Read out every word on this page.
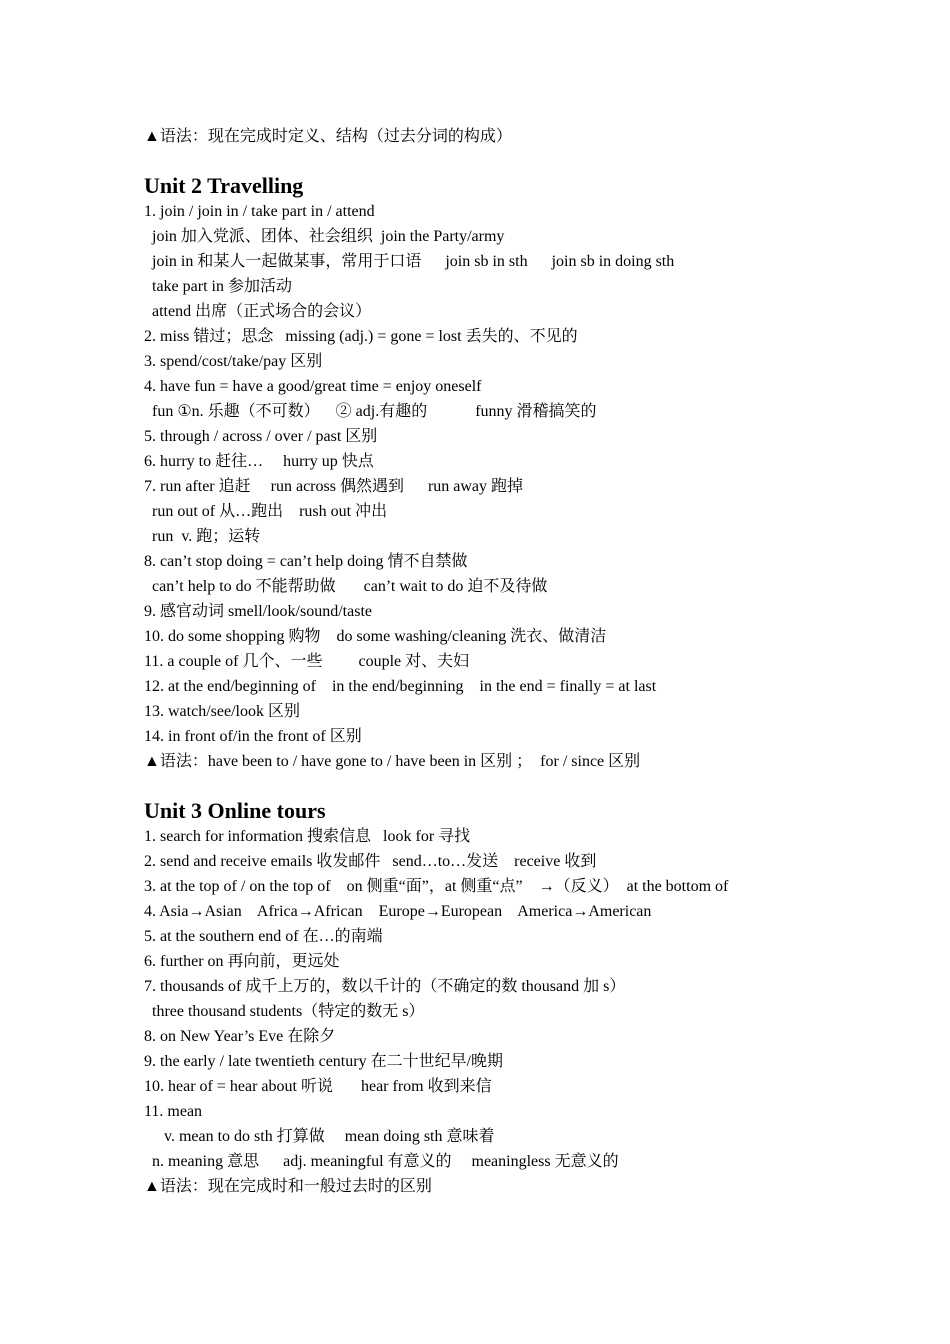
▲语法：现在完成时定义、结构（过去分词的构成）
Unit 2 Travelling
1. join / join in / take part in / attend
join 加入党派、团体、社会组织  join the Party/army
join in 和某人一起做某事，常用于口语      join sb in sth      join sb in doing sth
take part in 参加活动
attend 出席（正式场合的会议）
2. miss 错过；思念   missing (adj.) = gone = lost 丢失的、不见的
3. spend/cost/take/pay 区别
4. have fun = have a good/great time = enjoy oneself
fun ①n. 乐趣（不可数）    ② adj.有趣的            funny 滑稽搞笑的
5. through / across / over / past 区别
6. hurry to 赶往…     hurry up 快点
7. run after 追赶     run across 偶然遇到      run away 跑掉
run out of 从…跑出    rush out 冲出
run  v. 跑；运转
8. can’t stop doing = can’t help doing 情不自禁做
can’t help to do 不能帮助做       can’t wait to do 迫不及待做
9. 感官动词 smell/look/sound/taste
10. do some shopping 购物    do some washing/cleaning 洗衣、做清洁
11. a couple of 几个、一些         couple 对、夫妇
12. at the end/beginning of    in the end/beginning    in the end = finally = at last
13. watch/see/look 区别
14. in front of/in the front of 区别
▲语法：have been to / have gone to / have been in 区别 ；  for / since 区别
Unit 3 Online tours
1. search for information 搜索信息   look for 寻找
2. send and receive emails 收发邮件   send…to…发送    receive 收到
3. at the top of / on the top of    on 侧重“面”，at 侧重“点”    →（反义）  at the bottom of
4. Asia→Asian    Africa→African    Europe→European    America→American
5. at the southern end of 在…的南端
6. further on 再向前，更远处
7. thousands of 成千上万的，数以千计的（不确定的数 thousand 加 s）
three thousand students（特定的数无 s）
8. on New Year’s Eve 在除夕
9. the early / late twentieth century 在二十世纪早/晚期
10. hear of = hear about 听说       hear from 收到来信
11. mean
v. mean to do sth 打算做     mean doing sth 意味着
n. meaning 意思      adj. meaningful 有意义的     meaningless 无意义的
▲语法：现在完成时和一般过去时的区别
